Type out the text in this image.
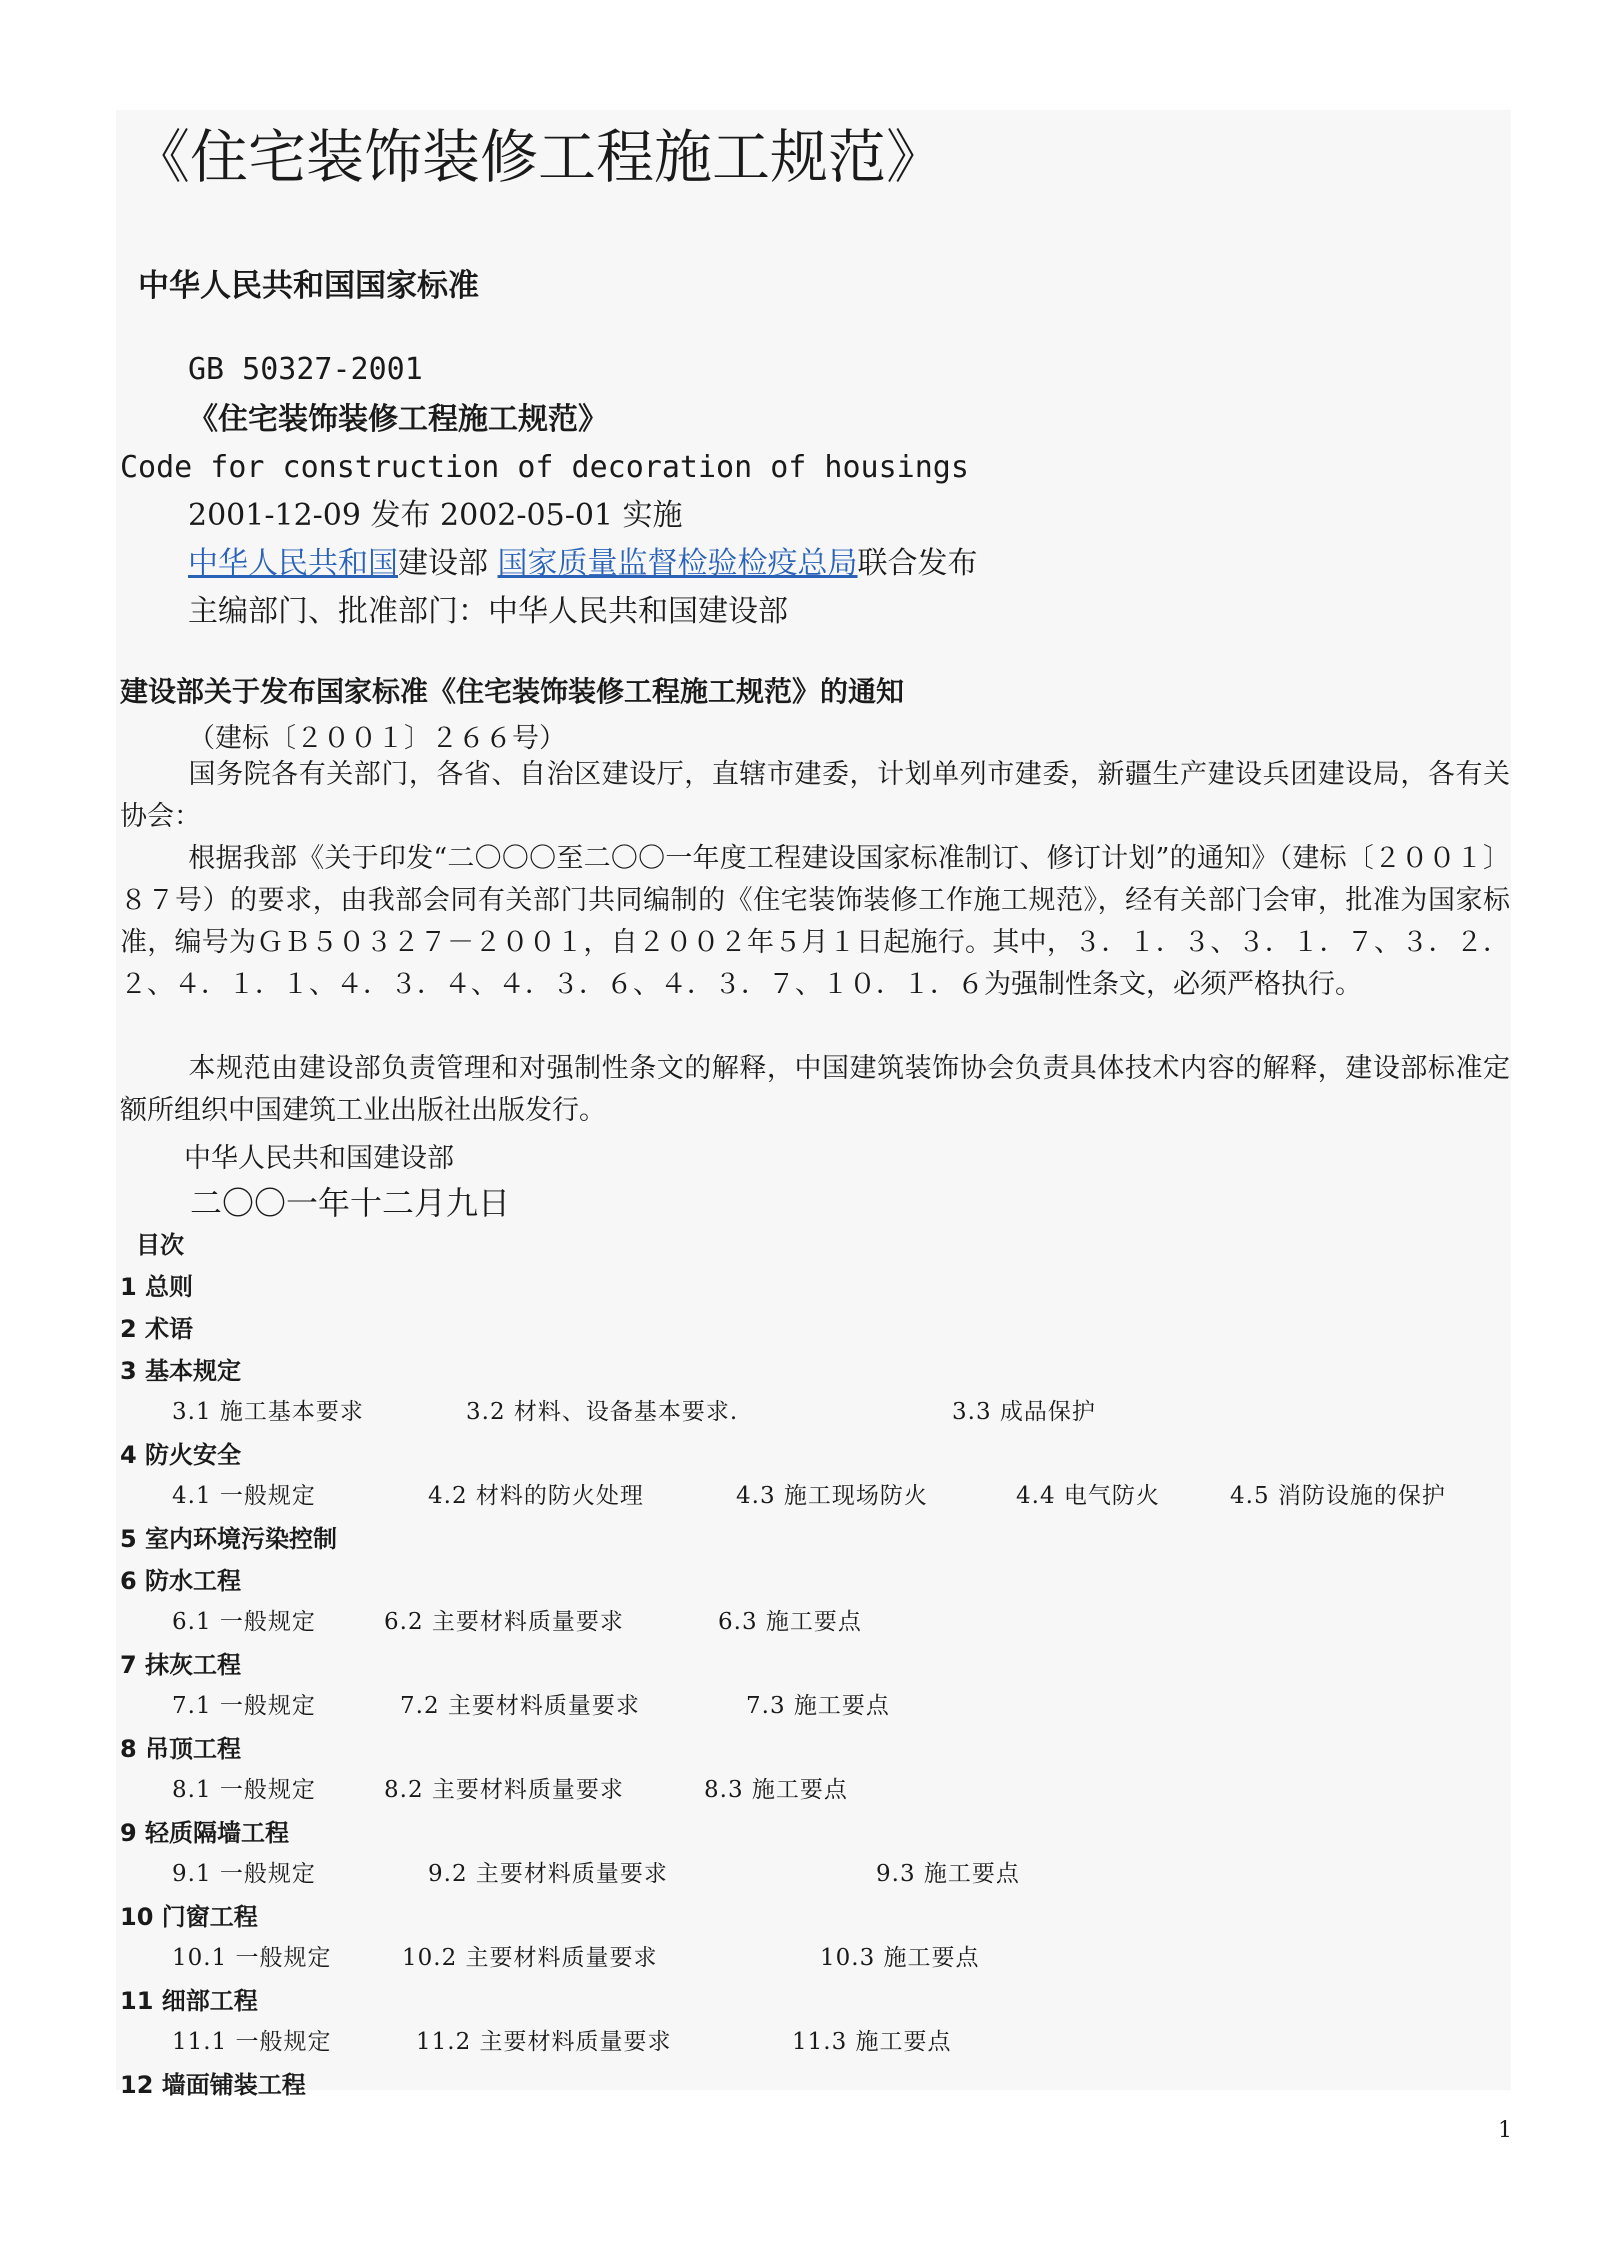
《住宅装饰装修工程施工规范》
中华人民共和国国家标准
GB 50327-2001
《住宅装饰装修工程施工规范》
Code for construction of decoration of housings
2001-12-09 发布 2002-05-01 实施
中华人民共和国建设部 国家质量监督检验检疫总局联合发布
主编部门、批准部门：中华人民共和国建设部
建设部关于发布国家标准《住宅装饰装修工程施工规范》的通知
（建标〔２００１〕２６６号）
国务院各有关部门，各省、自治区建设厅，直辖市建委，计划单列市建委，新疆生产建设兵团建设局，各有关协会：
根据我部《关于印发“二〇〇〇至二〇〇一年度工程建设国家标准制订、修订计划”的通知》（建标〔２００１〕８７号）的要求，由我部会同有关部门共同编制的《住宅装饰装修工作施工规范》，经有关部门会审，批准为国家标准，编号为ＧＢ５０３２７－２００１，自２００２年５月１日起施行。其中，３．１．３、３．１．７、３．２．２、４．１．１、４．３．４、４．３．６、４．３．７、１０．１．６为强制性条文，必须严格执行。
本规范由建设部负责管理和对强制性条文的解释，中国建筑装饰协会负责具体技术内容的解释，建设部标准定额所组织中国建筑工业出版社出版发行。
中华人民共和国建设部
二〇〇一年十二月九日
目次
1 总则
2 术语
3 基本规定
3.1 施工基本要求	3.2 材料、设备基本要求.	3.3 成品保护
4 防火安全
4.1 一般规定	4.2 材料的防火处理	4.3 施工现场防火	4.4 电气防火	4.5 消防设施的保护
5 室内环境污染控制
6 防水工程
6.1 一般规定	6.2 主要材料质量要求	6.3 施工要点
7 抹灰工程
7.1 一般规定	7.2 主要材料质量要求	7.3 施工要点
8 吊顶工程
8.1 一般规定	8.2 主要材料质量要求	8.3 施工要点
9 轻质隔墙工程
9.1 一般规定	9.2 主要材料质量要求	9.3 施工要点
10 门窗工程
10.1 一般规定	10.2 主要材料质量要求	10.3 施工要点
11 细部工程
11.1 一般规定	11.2 主要材料质量要求	11.3 施工要点
12 墙面铺装工程
1
